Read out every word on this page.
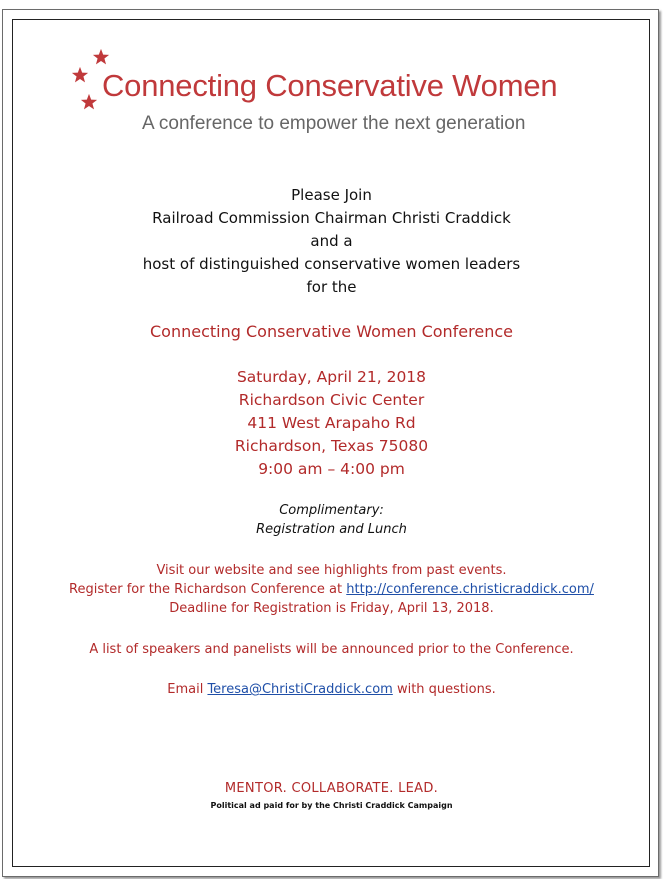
Connecting Conservative Women
A conference to empower the next generation
Please Join
Railroad Commission Chairman Christi Craddick
and a
host of distinguished conservative women leaders
for the
Connecting Conservative Women Conference
Saturday, April 21, 2018
Richardson Civic Center
411 West Arapaho Rd
Richardson, Texas 75080
9:00 am – 4:00 pm
Complimentary:
Registration and Lunch
Visit our website and see highlights from past events.
Register for the Richardson Conference at http://conference.christicraddick.com/
Deadline for Registration is Friday, April 13, 2018.
A list of speakers and panelists will be announced prior to the Conference.
Email Teresa@ChristiCraddick.com with questions.
MENTOR. COLLABORATE. LEAD.
Political ad paid for by the Christi Craddick Campaign
